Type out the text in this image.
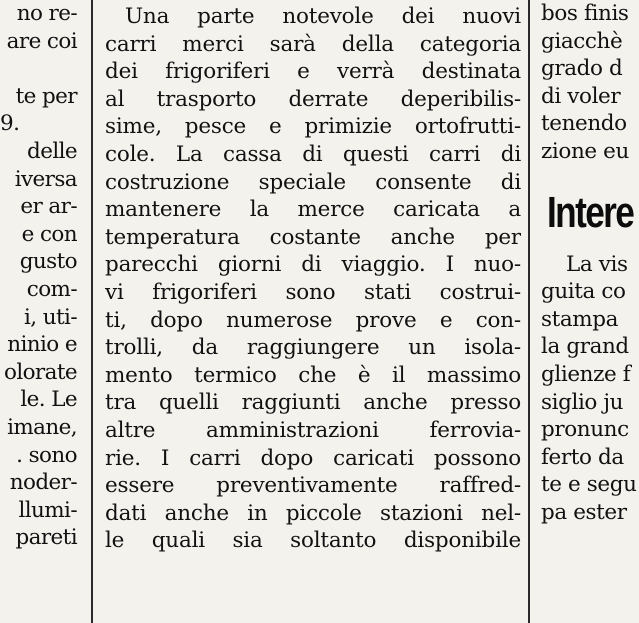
no re-
are coi

te per
9.
delle
iversa
er ar-
e con
gusto
com-
i, uti-
ninio e
olorate
le. Le
imane,
. sono
noder-
llumi-
pareti
Una parte notevole dei nuovi
carri merci sarà della categoria
dei frigoriferi e verrà destinata
al trasporto derrate deperibilis-
sime, pesce e primizie ortofrutti-
cole. La cassa di questi carri di
costruzione speciale consente di
mantenere la merce caricata a
temperatura costante anche per
parecchi giorni di viaggio. I nuo-
vi frigoriferi sono stati costrui-
ti, dopo numerose prove e con-
trolli, da raggiungere un isola-
mento termico che è il massimo
tra quelli raggiunti anche presso
altre amministrazioni ferrovia-
rie. I carri dopo caricati possono
essere preventivamente raffred-
dati anche in piccole stazioni nel-
le quali sia soltanto disponibile
bos finis
giacchè
grado d
di voler
tenendo
zione eu
Intere
La vis
guita co
stampa
la grand
glienze f
siglio ju
pronunc
ferto da
te e segu
pa ester
